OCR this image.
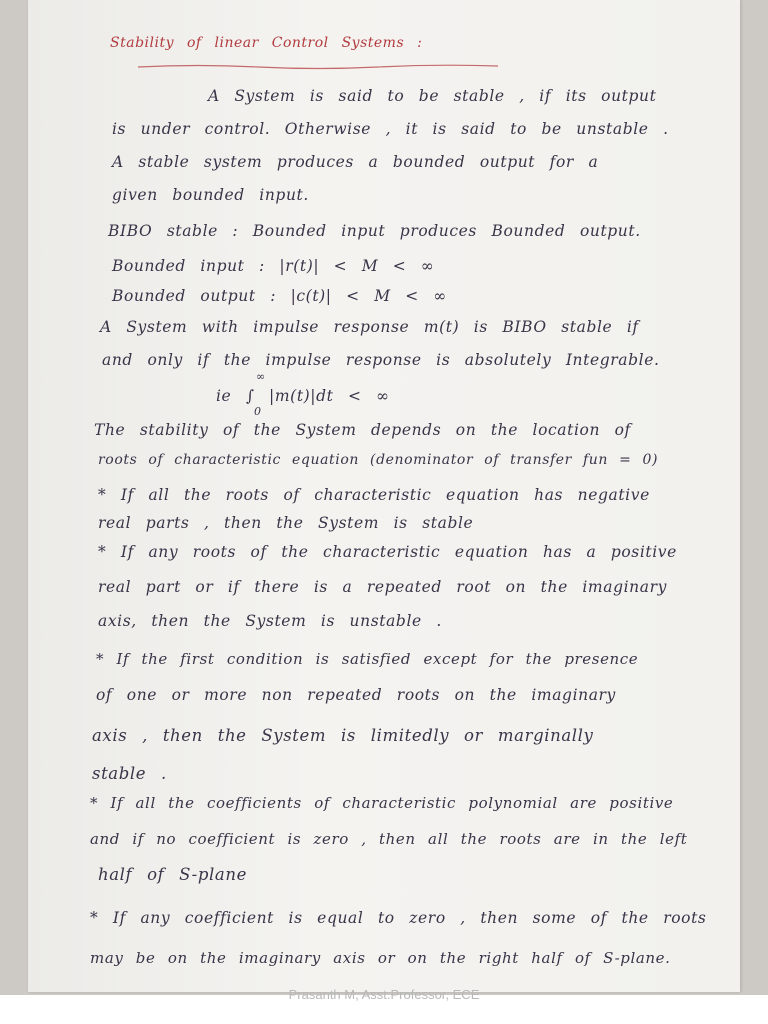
Stability of linear Control Systems :
A System is said to be stable , if its output
is under control. Otherwise , it is said to be unstable .
A stable system produces a bounded output for a
given bounded input.
BIBO stable : Bounded input produces Bounded output.
Bounded input : |r(t)| < M < ∞
Bounded output : |c(t)| < M < ∞
A System with impulse response m(t) is BIBO stable if
and only if the impulse response is absolutely Integrable.
∞
ie ∫ |m(t)|dt < ∞
0
The stability of the System depends on the location of
roots of characteristic equation (denominator of transfer fun = 0)
* If all the roots of characteristic equation has negative
real parts , then the System is stable
* If any roots of the characteristic equation has a positive
real part or if there is a repeated root on the imaginary
axis, then the System is unstable .
* If the first condition is satisfied except for the presence
of one or more non repeated roots on the imaginary
axis , then the System is limitedly or marginally
stable .
* If all the coefficients of characteristic polynomial are positive
and if no coefficient is zero , then all the roots are in the left
half of S-plane
* If any coefficient is equal to zero , then some of the roots
may be on the imaginary axis or on the right half of S-plane.
Prasanth M, Asst.Professor, ECE
